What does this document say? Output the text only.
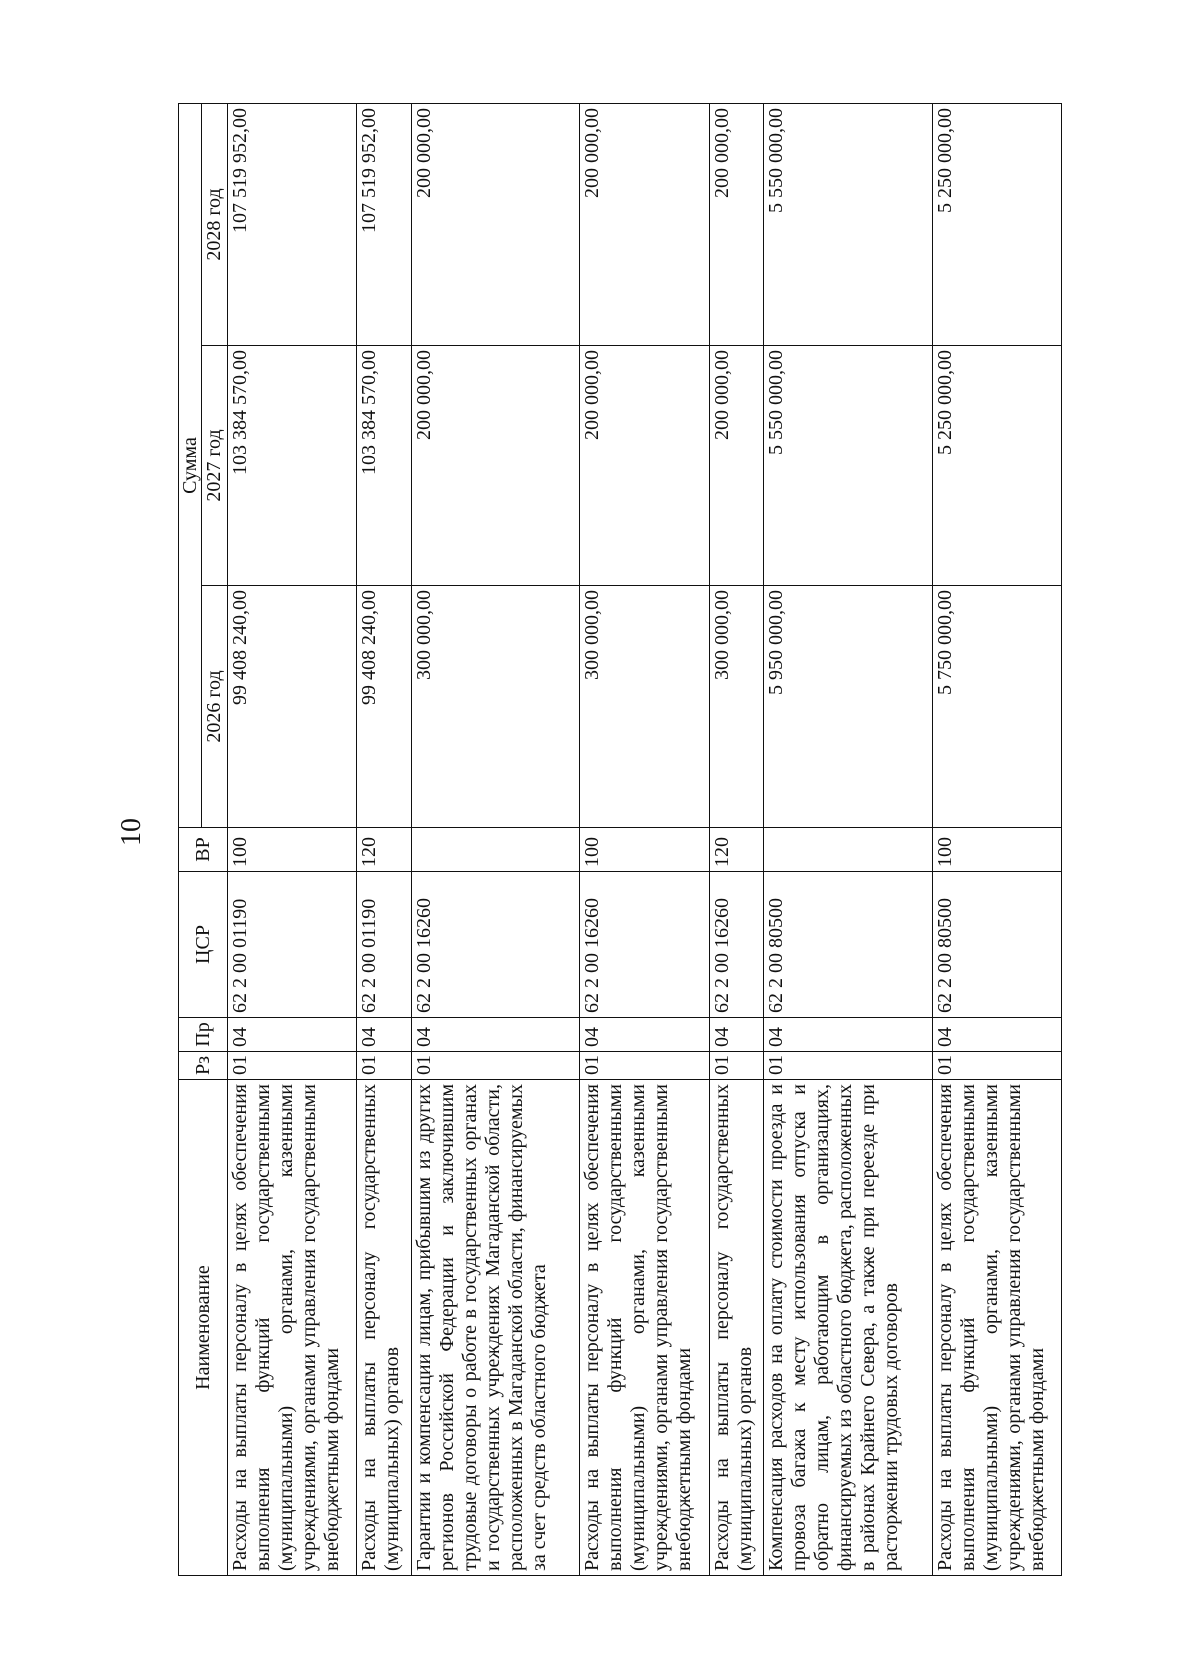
10
Наименование	Рз	Пр	ЦСР	ВР	Сумма		
					2026 год	2027 год	2028 год
Расходы на выплаты персоналу в целях обеспечения выполнения функций государственными (муниципальными) органами, казенными учреждениями, органами управления государственными внебюджетными фондами	01	04	62 2 00 01190	100	99 408 240,00	103 384 570,00	107 519 952,00
Расходы на выплаты персоналу государственных (муниципальных) органов	01	04	62 2 00 01190	120	99 408 240,00	103 384 570,00	107 519 952,00
Гарантии и компенсации лицам, прибывшим из других регионов Российской Федерации и заключившим трудовые договоры о работе в государственных органах и государственных учреждениях Магаданской области, расположенных в Магаданской области, финансируемых за счет средств областного бюджета	01	04	62 2 00 16260		300 000,00	200 000,00	200 000,00
Расходы на выплаты персоналу в целях обеспечения выполнения функций государственными (муниципальными) органами, казенными учреждениями, органами управления государственными внебюджетными фондами	01	04	62 2 00 16260	100	300 000,00	200 000,00	200 000,00
Расходы на выплаты персоналу государственных (муниципальных) органов	01	04	62 2 00 16260	120	300 000,00	200 000,00	200 000,00
Компенсация расходов на оплату стоимости проезда и провоза багажа к месту использования отпуска и обратно лицам, работающим в организациях, финансируемых из областного бюджета, расположенных в районах Крайнего Севера, а также при переезде при расторжении трудовых договоров	01	04	62 2 00 80500		5 950 000,00	5 550 000,00	5 550 000,00
Расходы на выплаты персоналу в целях обеспечения выполнения функций государственными (муниципальными) органами, казенными учреждениями, органами управления государственными внебюджетными фондами	01	04	62 2 00 80500	100	5 750 000,00	5 250 000,00	5 250 000,00
